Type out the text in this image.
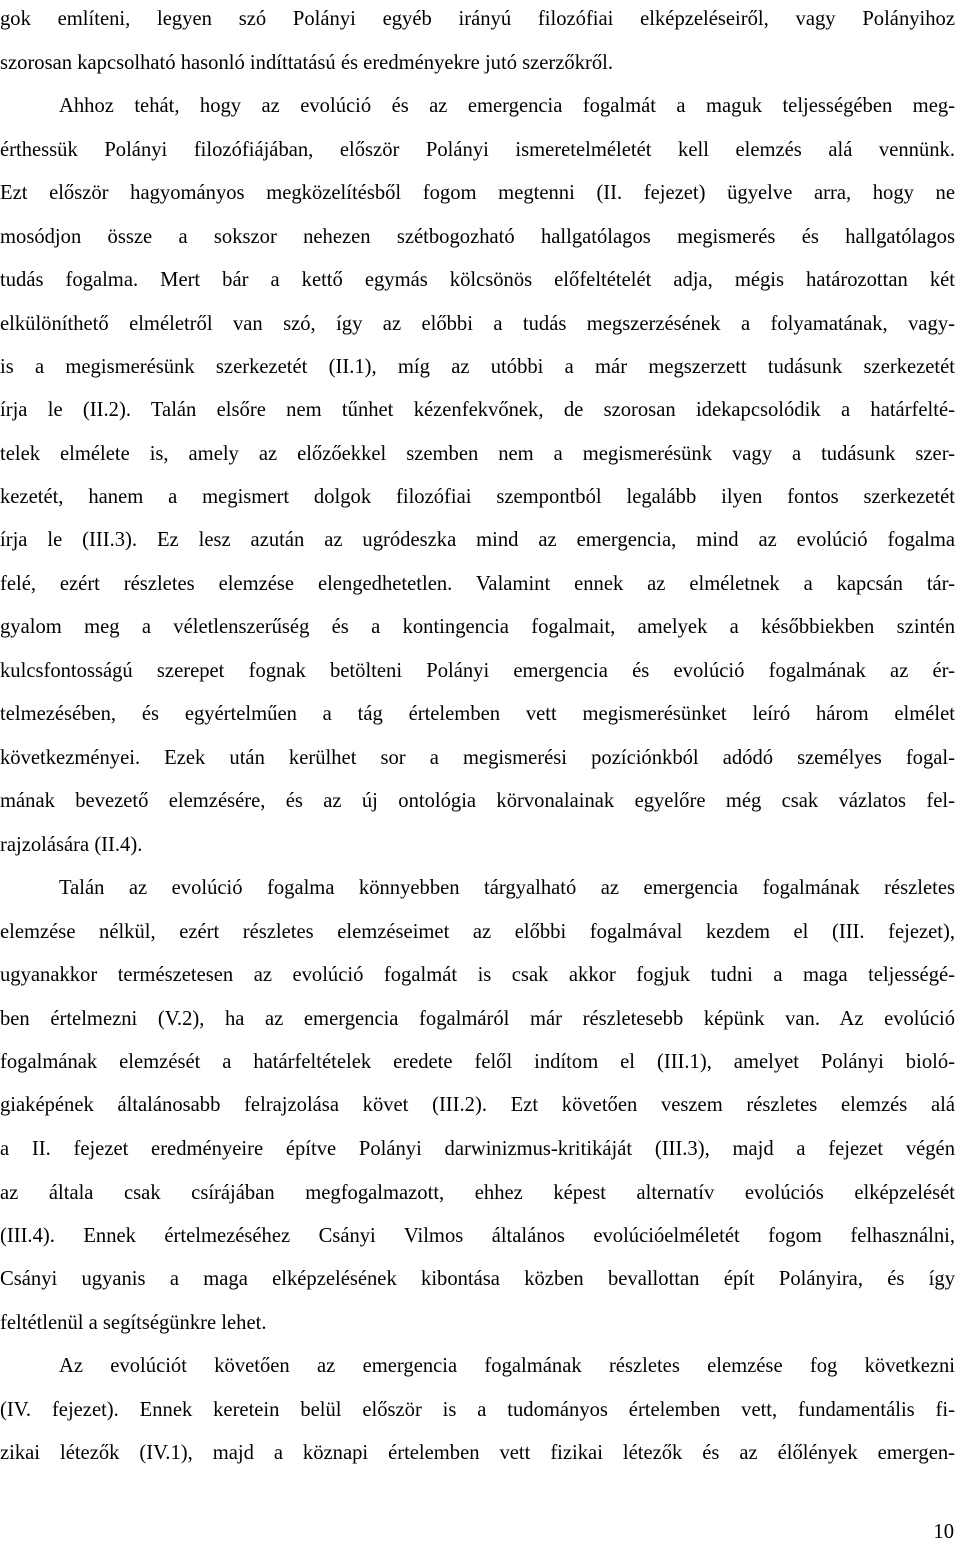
gok említeni, legyen szó Polányi egyéb irányú filozófiai elképzeléseiről, vagy Polányihoz
szorosan kapcsolható hasonló indíttatású és eredményekre jutó szerzőkről.
Ahhoz tehát, hogy az evolúció és az emergencia fogalmát a maguk teljességében meg-
érthessük Polányi filozófiájában, először Polányi ismeretelméletét kell elemzés alá vennünk.
Ezt először hagyományos megközelítésből fogom megtenni (II. fejezet) ügyelve arra, hogy ne
mosódjon össze a sokszor nehezen szétbogozható hallgatólagos megismerés és hallgatólagos
tudás fogalma. Mert bár a kettő egymás kölcsönös előfeltételét adja, mégis határozottan két
elkülöníthető elméletről van szó, így az előbbi a tudás megszerzésének a folyamatának, vagy-
is a megismerésünk szerkezetét (II.1), míg az utóbbi a már megszerzett tudásunk szerkezetét
írja le (II.2). Talán elsőre nem tűnhet kézenfekvőnek, de szorosan idekapcsolódik a határfelté-
telek elmélete is, amely az előzőekkel szemben nem a megismerésünk vagy a tudásunk szer-
kezetét, hanem a megismert dolgok filozófiai szempontból legalább ilyen fontos szerkezetét
írja le (III.3). Ez lesz azután az ugródeszka mind az emergencia, mind az evolúció fogalma
felé, ezért részletes elemzése elengedhetetlen. Valamint ennek az elméletnek a kapcsán tár-
gyalom meg a véletlenszerűség és a kontingencia fogalmait, amelyek a későbbiekben szintén
kulcsfontosságú szerepet fognak betölteni Polányi emergencia és evolúció fogalmának az ér-
telmezésében, és egyértelműen a tág értelemben vett megismerésünket leíró három elmélet
következményei. Ezek után kerülhet sor a megismerési pozíciónkból adódó személyes fogal-
mának bevezető elemzésére, és az új ontológia körvonalainak egyelőre még csak vázlatos fel-
rajzolására (II.4).
Talán az evolúció fogalma könnyebben tárgyalható az emergencia fogalmának részletes
elemzése nélkül, ezért részletes elemzéseimet az előbbi fogalmával kezdem el (III. fejezet),
ugyanakkor természetesen az evolúció fogalmát is csak akkor fogjuk tudni a maga teljességé-
ben értelmezni (V.2), ha az emergencia fogalmáról már részletesebb képünk van. Az evolúció
fogalmának elemzését a határfeltételek eredete felől indítom el (III.1), amelyet Polányi bioló-
giaképének általánosabb felrajzolása követ (III.2). Ezt követően veszem részletes elemzés alá
a II. fejezet eredményeire építve Polányi darwinizmus-kritikáját (III.3), majd a fejezet végén
az általa csak csírájában megfogalmazott, ehhez képest alternatív evolúciós elképzelését
(III.4). Ennek értelmezéséhez Csányi Vilmos általános evolúcióelméletét fogom felhasználni,
Csányi ugyanis a maga elképzelésének kibontása közben bevallottan épít Polányira, és így
feltétlenül a segítségünkre lehet.
Az evolúciót követően az emergencia fogalmának részletes elemzése fog következni
(IV. fejezet). Ennek keretein belül először is a tudományos értelemben vett, fundamentális fi-
zikai létezők (IV.1), majd a köznapi értelemben vett fizikai létezők és az élőlények emergen-
10
